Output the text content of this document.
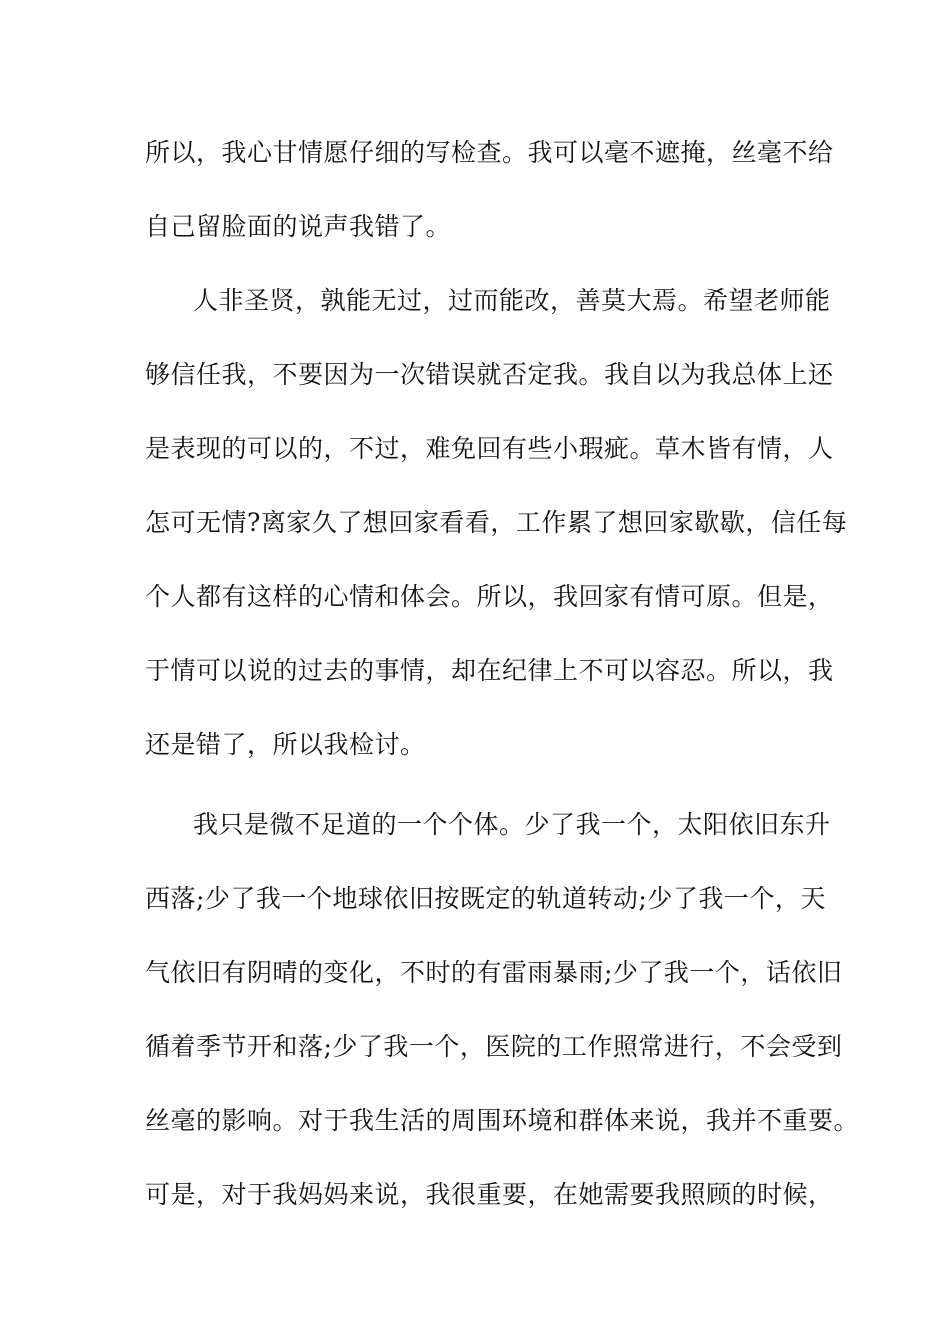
所以，我心甘情愿仔细的写检查。我可以毫不遮掩，丝毫不给
自己留脸面的说声我错了。
人非圣贤，孰能无过，过而能改，善莫大焉。希望老师能
够信任我，不要因为一次错误就否定我。我自以为我总体上还
是表现的可以的，不过，难免回有些小瑕疵。草木皆有情，人
怎可无情?离家久了想回家看看，工作累了想回家歇歇，信任每
个人都有这样的心情和体会。所以，我回家有情可原。但是，
于情可以说的过去的事情，却在纪律上不可以容忍。所以，我
还是错了，所以我检讨。
我只是微不足道的一个个体。少了我一个，太阳依旧东升
西落;少了我一个地球依旧按既定的轨道转动;少了我一个，天
气依旧有阴晴的变化，不时的有雷雨暴雨;少了我一个，话依旧
循着季节开和落;少了我一个，医院的工作照常进行，不会受到
丝毫的影响。对于我生活的周围环境和群体来说，我并不重要。
可是，对于我妈妈来说，我很重要，在她需要我照顾的时候，
